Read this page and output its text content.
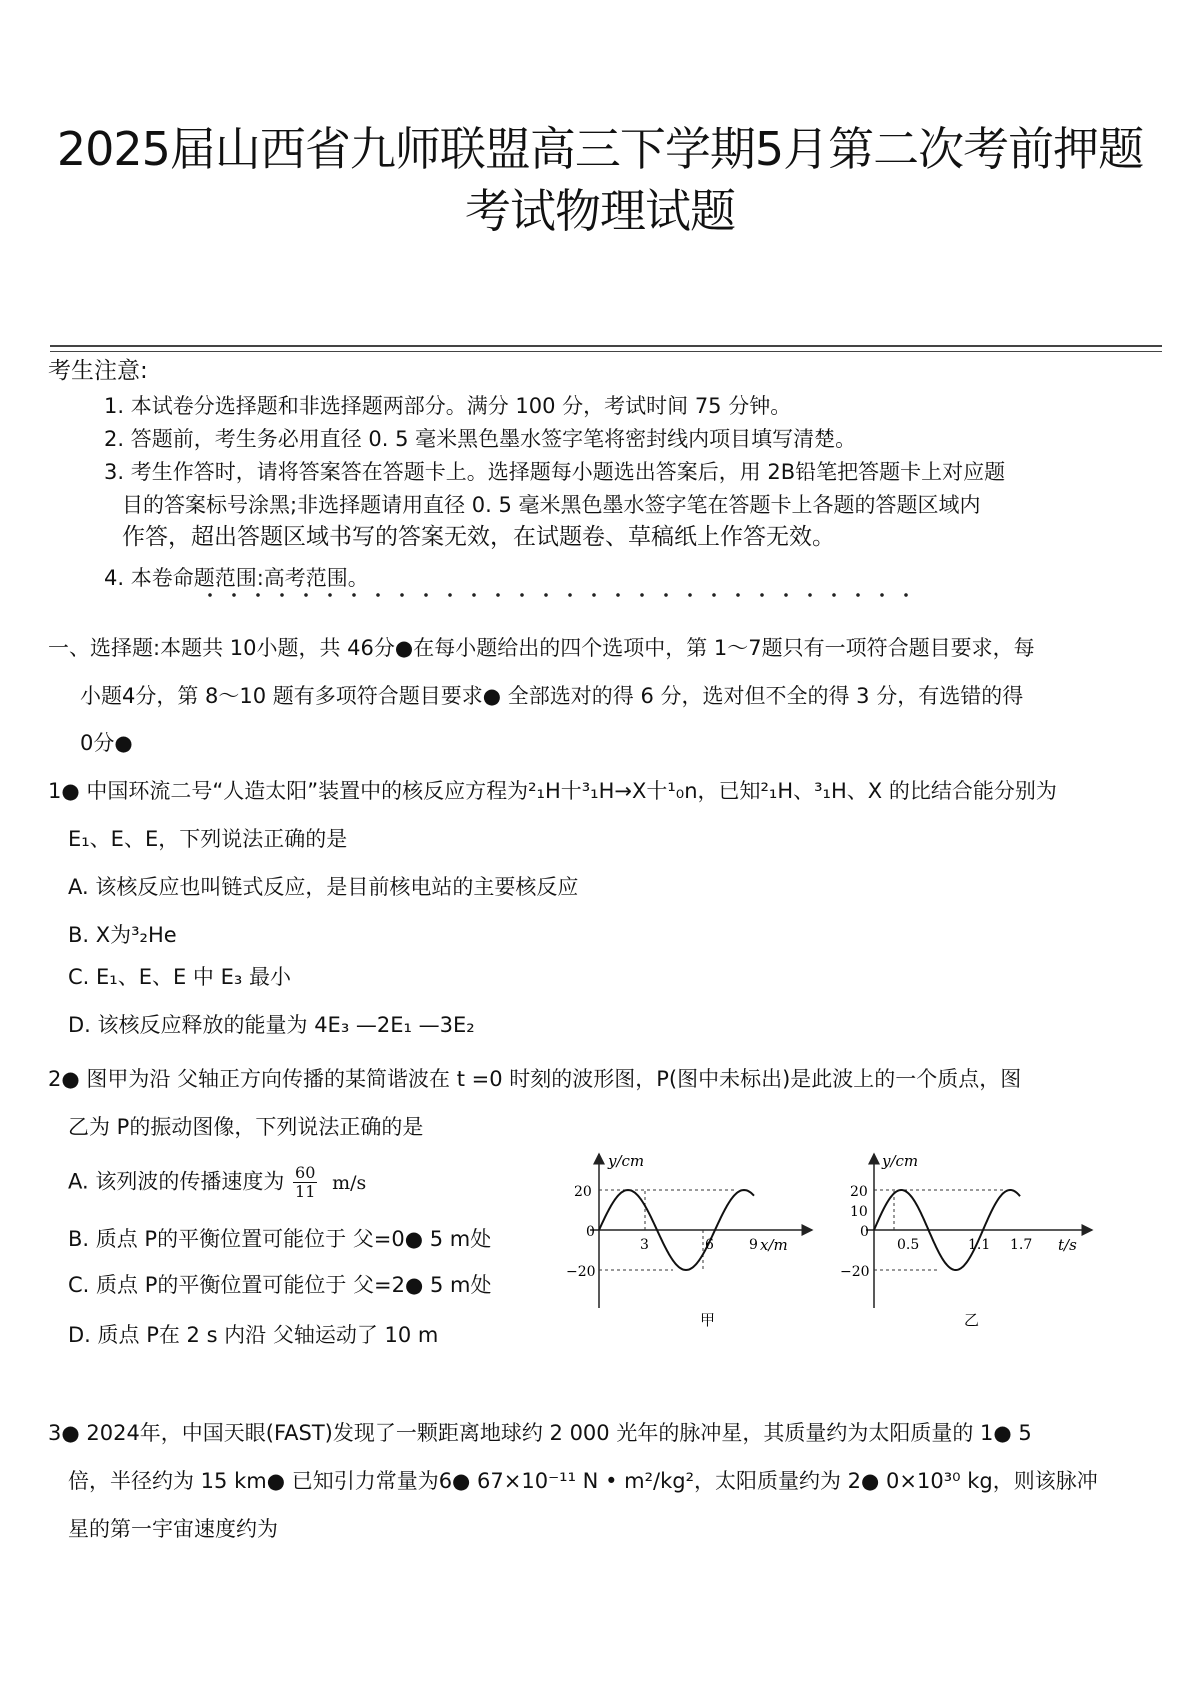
2025届山西省九师联盟高三下学期5月第二次考前押题
考试物理试题
考生注意:
1. 本试卷分选择题和非选择题两部分。满分 100 分，考试时间 75 分钟。
2. 答题前，考生务必用直径 0. 5 毫米黑色墨水签字笔将密封线内项目填写清楚。
3. 考生作答时，请将答案答在答题卡上。选择题每小题选出答案后，用 2B铅笔把答题卡上对应题
目的答案标号涂黑;非选择题请用直径 0. 5 毫米黑色墨水签字笔在答题卡上各题的答题区域内
作答，超出答题区域书写的答案无效，在试题卷、草稿纸上作答无效。
4. 本卷命题范围:高考范围。
一、选择题:本题共 10小题，共 46分●在每小题给出的四个选项中，第 1～7题只有一项符合题目要求，每
小题4分，第 8～10 题有多项符合题目要求● 全部选对的得 6 分，选对但不全的得 3 分，有选错的得
0分●
1● 中国环流二号“人造太阳”装置中的核反应方程为²₁H十³₁H→X十¹₀n，已知²₁H、³₁H、X 的比结合能分别为
E₁、E、E，下列说法正确的是
A. 该核反应也叫链式反应，是目前核电站的主要核反应
B. X为³₂He
C. E₁、E、E 中 E₃ 最小
D. 该核反应释放的能量为 4E₃ —2E₁ —3E₂
2● 图甲为沿 父轴正方向传播的某简谐波在 t =0 时刻的波形图，P(图中未标出)是此波上的一个质点，图
乙为 P的振动图像，下列说法正确的是
A. 该列波的传播速度为 $\frac{60}{11} m/s$
B. 质点 P的平衡位置可能位于 父=0● 5 m处
C. 质点 P的平衡位置可能位于 父=2● 5 m处
D. 质点 P在 2 s 内沿 父轴运动了 10 m
y/cm
x/m
20
0
−20
3	6	9
甲
y/cm
t/s
20
10
0
−20
0.5	1.1 1.7
乙
3● 2024年，中国天眼(FAST)发现了一颗距离地球约 2 000 光年的脉冲星，其质量约为太阳质量的 1● 5
倍，半径约为 15 km● 已知引力常量为6● 67×10⁻¹¹ N • m²/kg²，太阳质量约为 2● 0×10³⁰ kg，则该脉冲
星的第一宇宙速度约为
